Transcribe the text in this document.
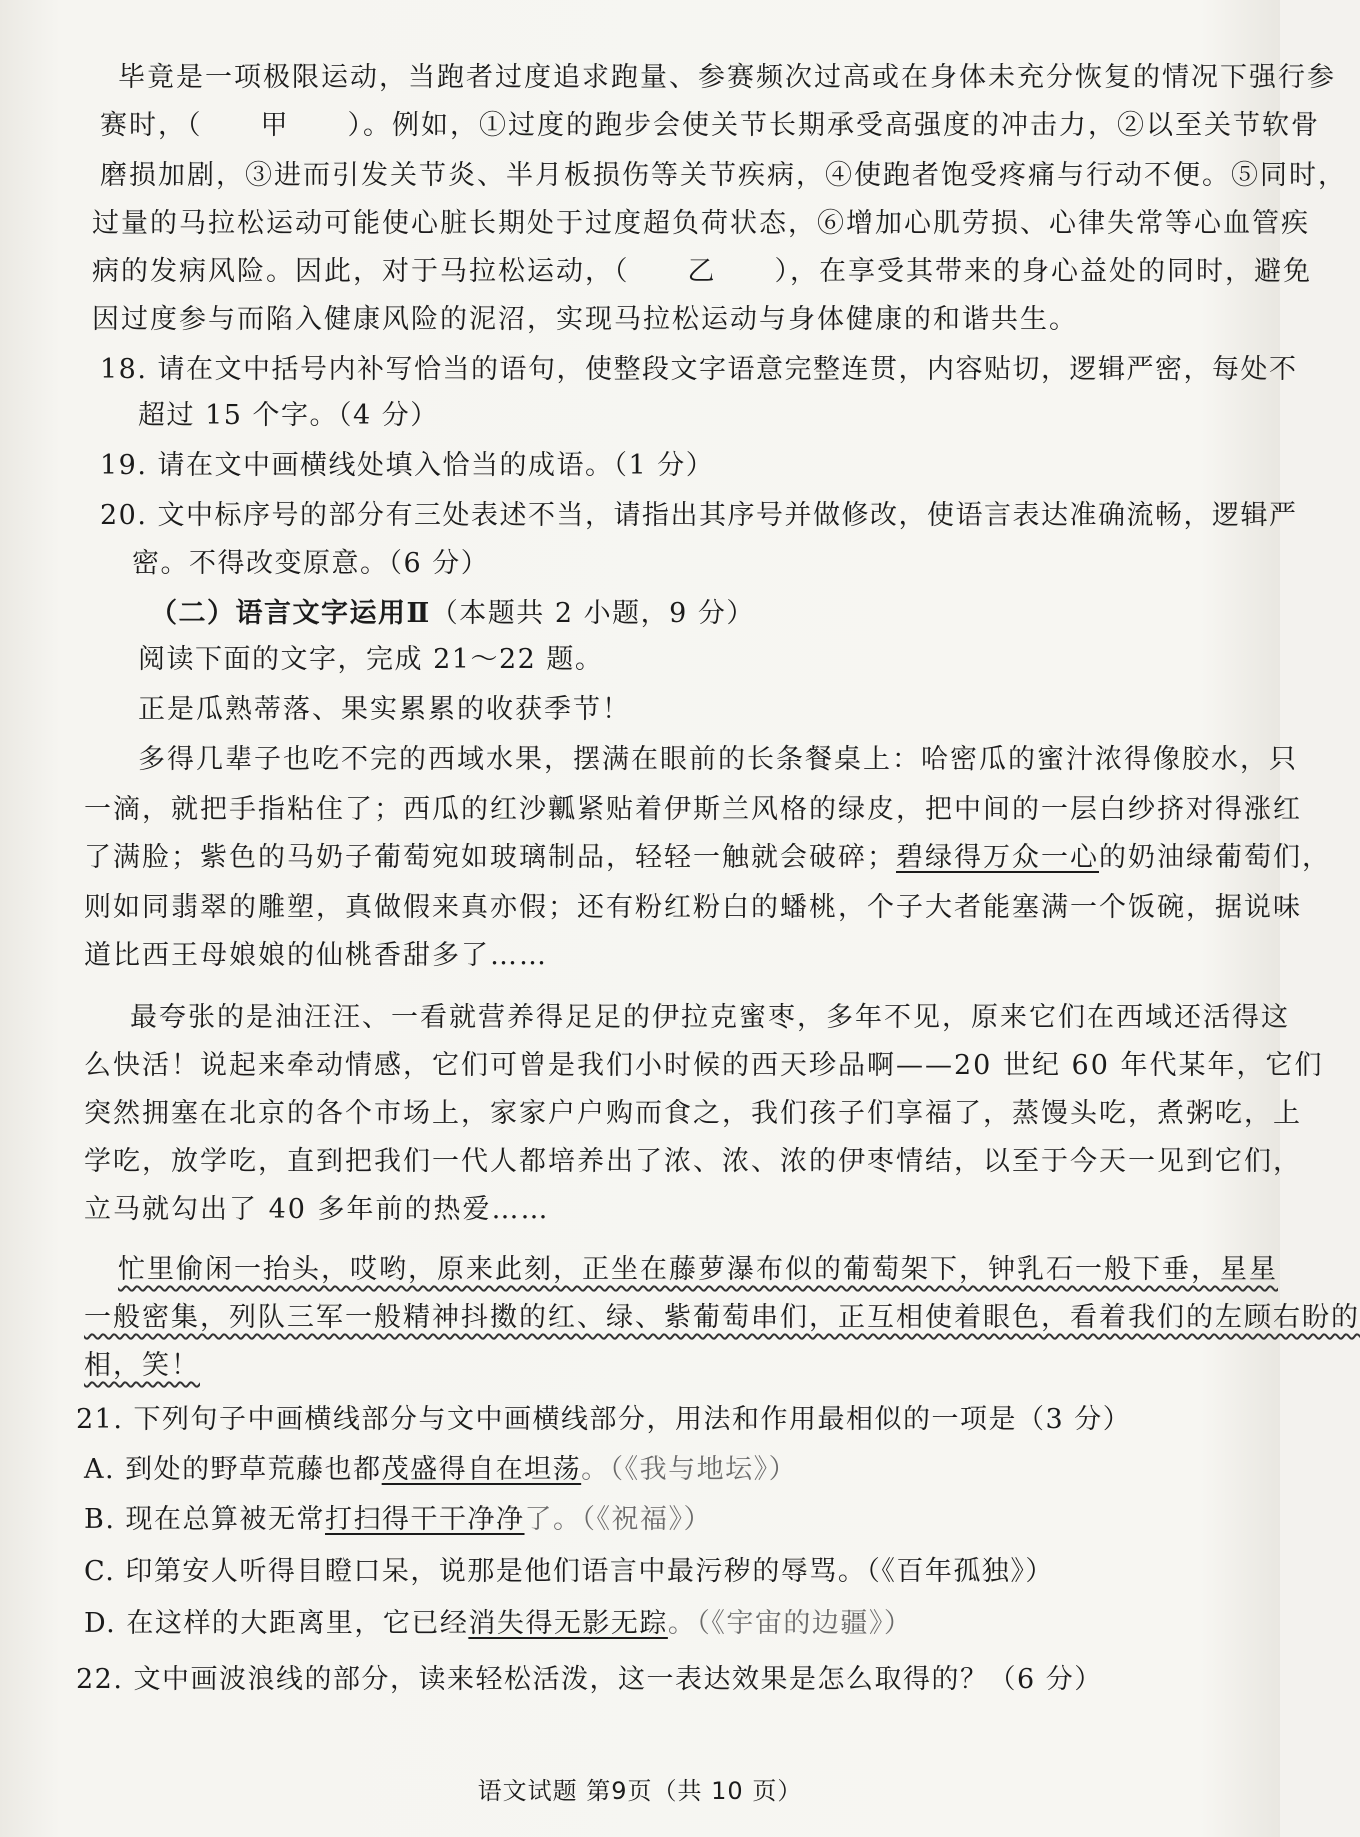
毕竟是一项极限运动，当跑者过度追求跑量、参赛频次过高或在身体未充分恢复的情况下强行参
赛时，（　　甲　　）。例如，①过度的跑步会使关节长期承受高强度的冲击力，②以至关节软骨
磨损加剧，③进而引发关节炎、半月板损伤等关节疾病，④使跑者饱受疼痛与行动不便。⑤同时，
过量的马拉松运动可能使心脏长期处于过度超负荷状态，⑥增加心肌劳损、心律失常等心血管疾
病的发病风险。因此，对于马拉松运动，（　　乙　　），在享受其带来的身心益处的同时，避免
因过度参与而陷入健康风险的泥沼，实现马拉松运动与身体健康的和谐共生。
18. 请在文中括号内补写恰当的语句，使整段文字语意完整连贯，内容贴切，逻辑严密，每处不
超过 15 个字。（4 分）
19. 请在文中画横线处填入恰当的成语。（1 分）
20. 文中标序号的部分有三处表述不当，请指出其序号并做修改，使语言表达准确流畅，逻辑严
密。不得改变原意。（6 分）
（二）语言文字运用Ⅱ（本题共 2 小题，9 分）
阅读下面的文字，完成 21～22 题。
正是瓜熟蒂落、果实累累的收获季节！
多得几辈子也吃不完的西域水果，摆满在眼前的长条餐桌上：哈密瓜的蜜汁浓得像胶水，只
一滴，就把手指粘住了；西瓜的红沙瓤紧贴着伊斯兰风格的绿皮，把中间的一层白纱挤对得涨红
了满脸；紫色的马奶子葡萄宛如玻璃制品，轻轻一触就会破碎；碧绿得万众一心的奶油绿葡萄们，
则如同翡翠的雕塑，真做假来真亦假；还有粉红粉白的蟠桃，个子大者能塞满一个饭碗，据说味
道比西王母娘娘的仙桃香甜多了……
最夸张的是油汪汪、一看就营养得足足的伊拉克蜜枣，多年不见，原来它们在西域还活得这
么快活！说起来牵动情感，它们可曾是我们小时候的西天珍品啊——20 世纪 60 年代某年，它们
突然拥塞在北京的各个市场上，家家户户购而食之，我们孩子们享福了，蒸馒头吃，煮粥吃，上
学吃，放学吃，直到把我们一代人都培养出了浓、浓、浓的伊枣情结，以至于今天一见到它们，
立马就勾出了 40 多年前的热爱……
忙里偷闲一抬头，哎哟，原来此刻，正坐在藤萝瀑布似的葡萄架下，钟乳石一般下垂，星星
一般密集，列队三军一般精神抖擞的红、绿、紫葡萄串们，正互相使着眼色，看着我们的左顾右盼的
相，笑！
21. 下列句子中画横线部分与文中画横线部分，用法和作用最相似的一项是（3 分）
A. 到处的野草荒藤也都茂盛得自在坦荡。（《我与地坛》）
B. 现在总算被无常打扫得干干净净了。（《祝福》）
C. 印第安人听得目瞪口呆，说那是他们语言中最污秽的辱骂。（《百年孤独》）
D. 在这样的大距离里，它已经消失得无影无踪。（《宇宙的边疆》）
22. 文中画波浪线的部分，读来轻松活泼，这一表达效果是怎么取得的？（6 分）
语文试题 第9页（共 10 页）
